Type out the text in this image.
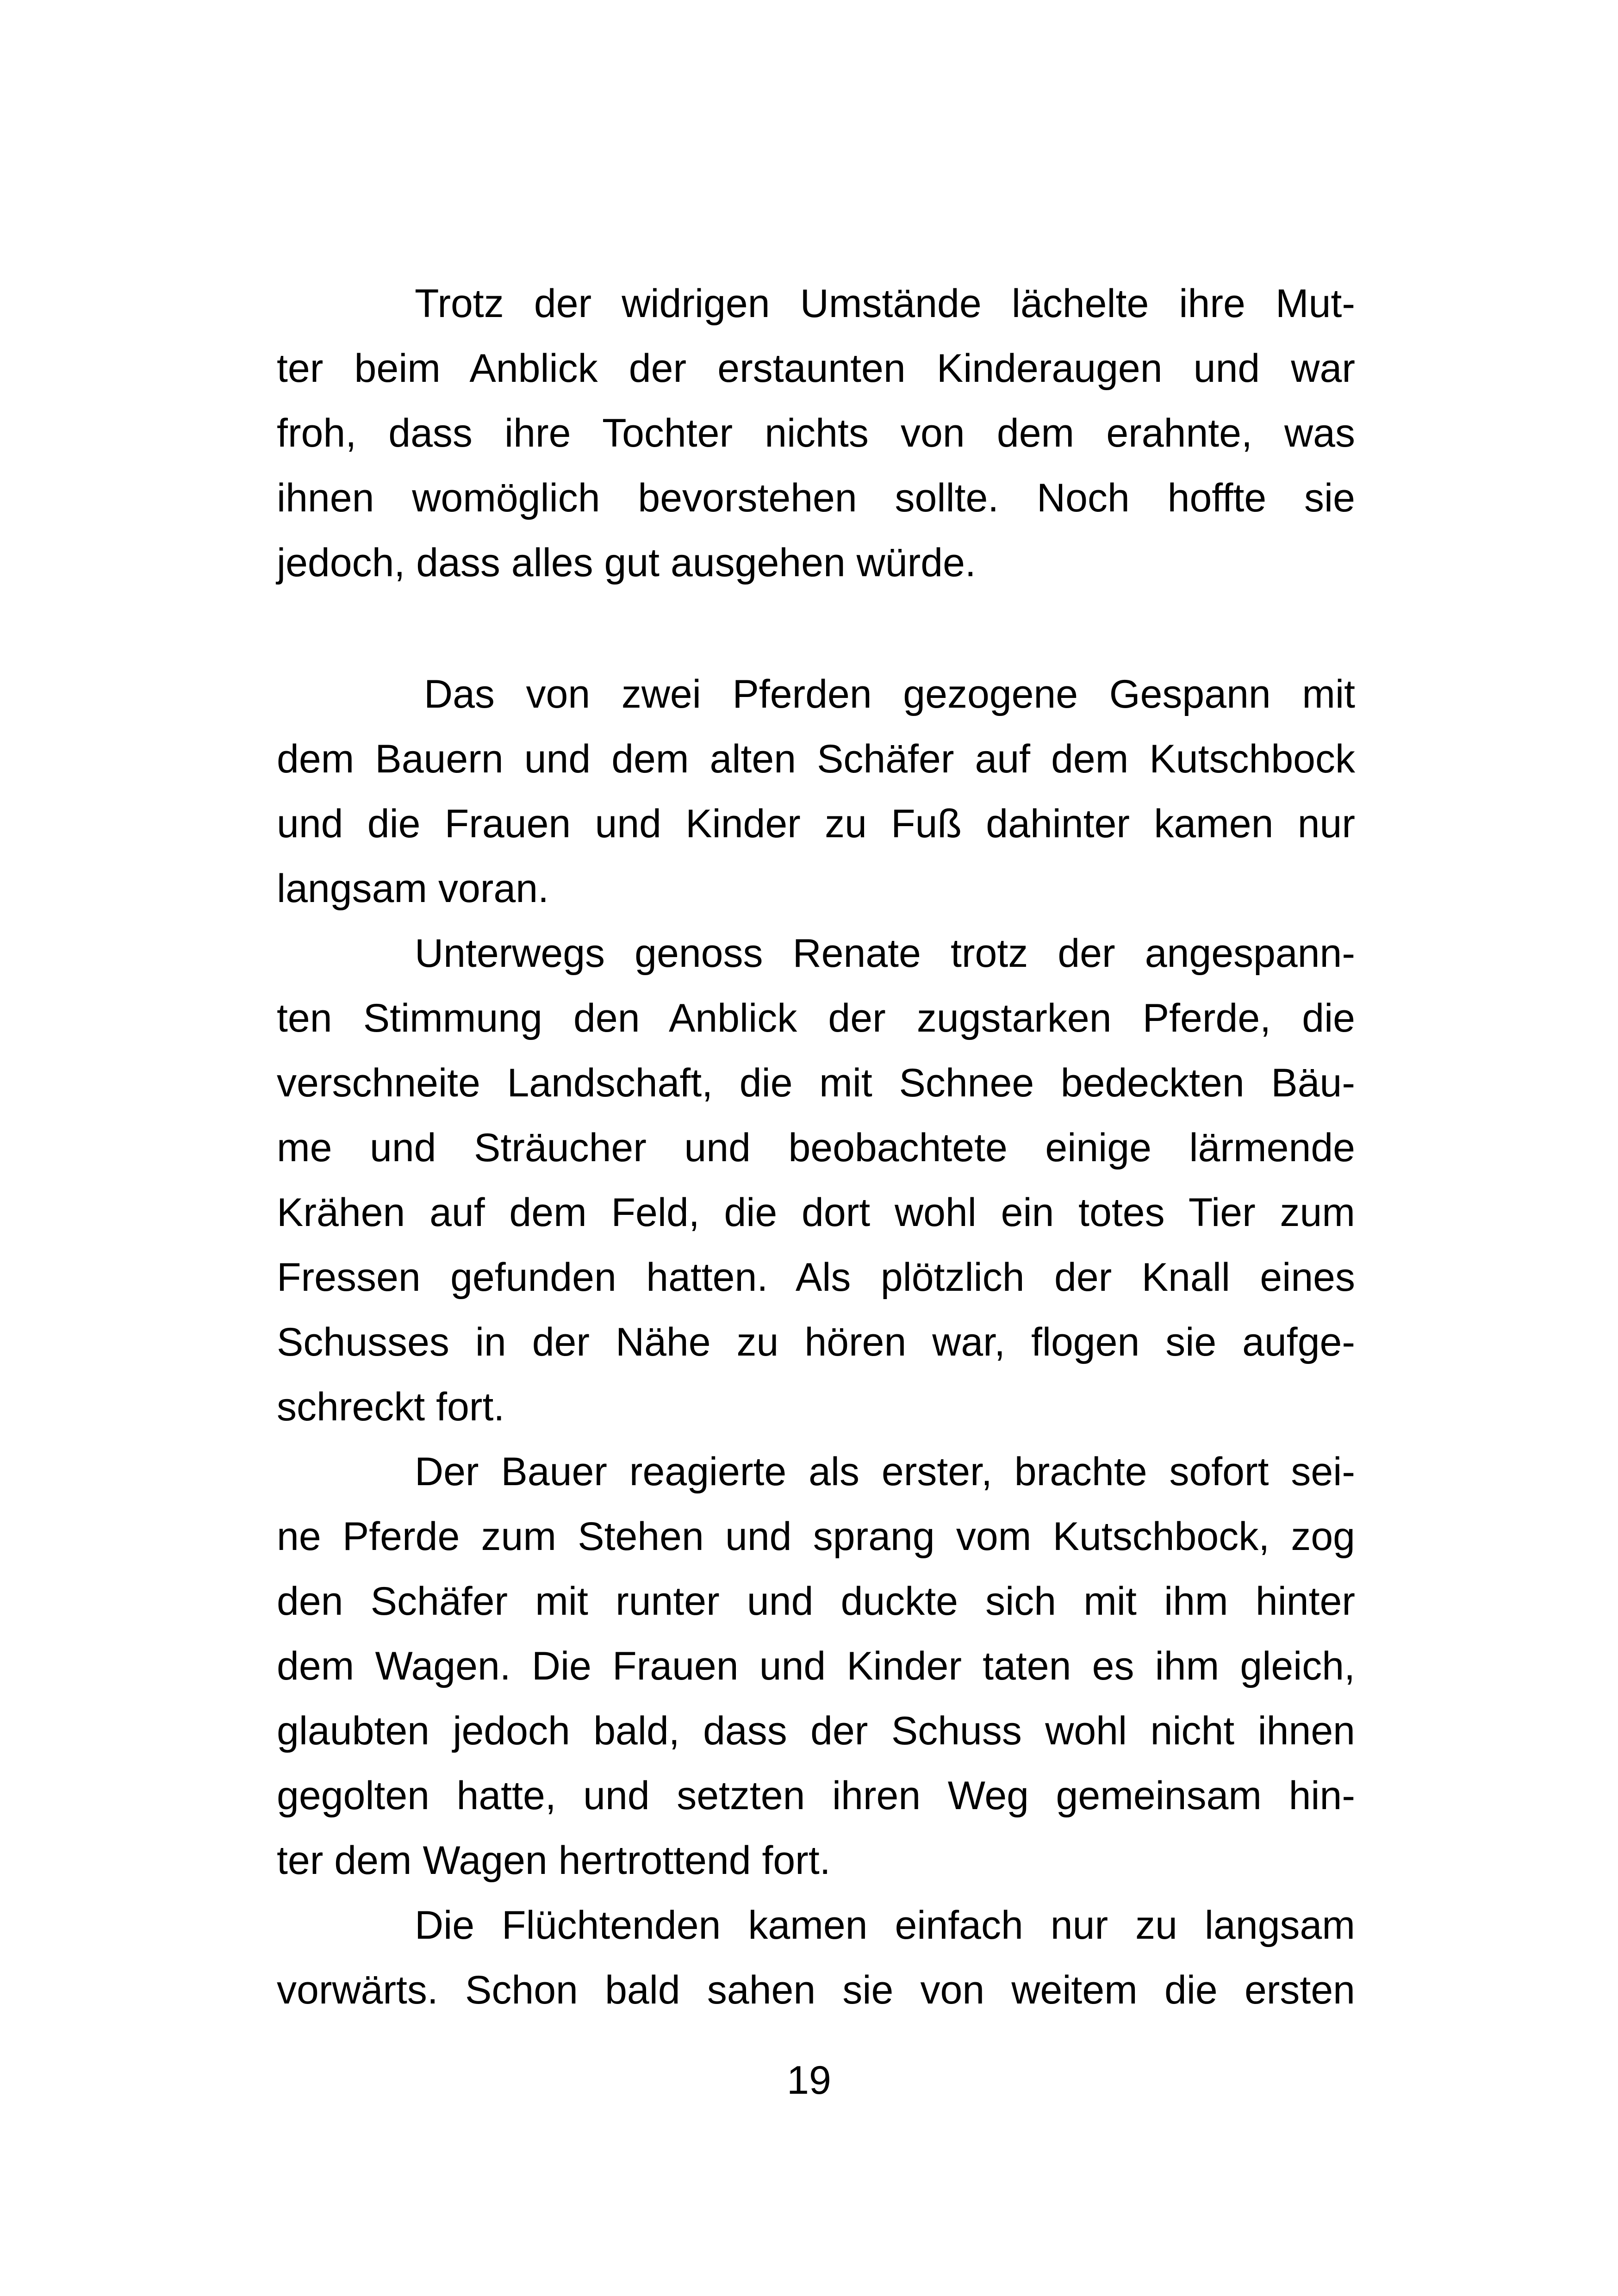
Trotz der widrigen Umstände lächelte ihre Mut-
ter beim Anblick der erstaunten Kinderaugen und war
froh, dass ihre Tochter nichts von dem erahnte, was
ihnen womöglich bevorstehen sollte. Noch hoffte sie
jedoch, dass alles gut ausgehen würde.
Das von zwei Pferden gezogene Gespann mit
dem Bauern und dem alten Schäfer auf dem Kutschbock
und die Frauen und Kinder zu Fuß dahinter kamen nur
langsam voran.
Unterwegs genoss Renate trotz der angespann-
ten Stimmung den Anblick der zugstarken Pferde, die
verschneite Landschaft, die mit Schnee bedeckten Bäu-
me und Sträucher und beobachtete einige lärmende
Krähen auf dem Feld, die dort wohl ein totes Tier zum
Fressen gefunden hatten. Als plötzlich der Knall eines
Schusses in der Nähe zu hören war, flogen sie aufge-
schreckt fort.
Der Bauer reagierte als erster, brachte sofort sei-
ne Pferde zum Stehen und sprang vom Kutschbock, zog
den Schäfer mit runter und duckte sich mit ihm hinter
dem Wagen. Die Frauen und Kinder taten es ihm gleich,
glaubten jedoch bald, dass der Schuss wohl nicht ihnen
gegolten hatte, und setzten ihren Weg gemeinsam hin-
ter dem Wagen hertrottend fort.
Die Flüchtenden kamen einfach nur zu langsam
vorwärts. Schon bald sahen sie von weitem die ersten
19
